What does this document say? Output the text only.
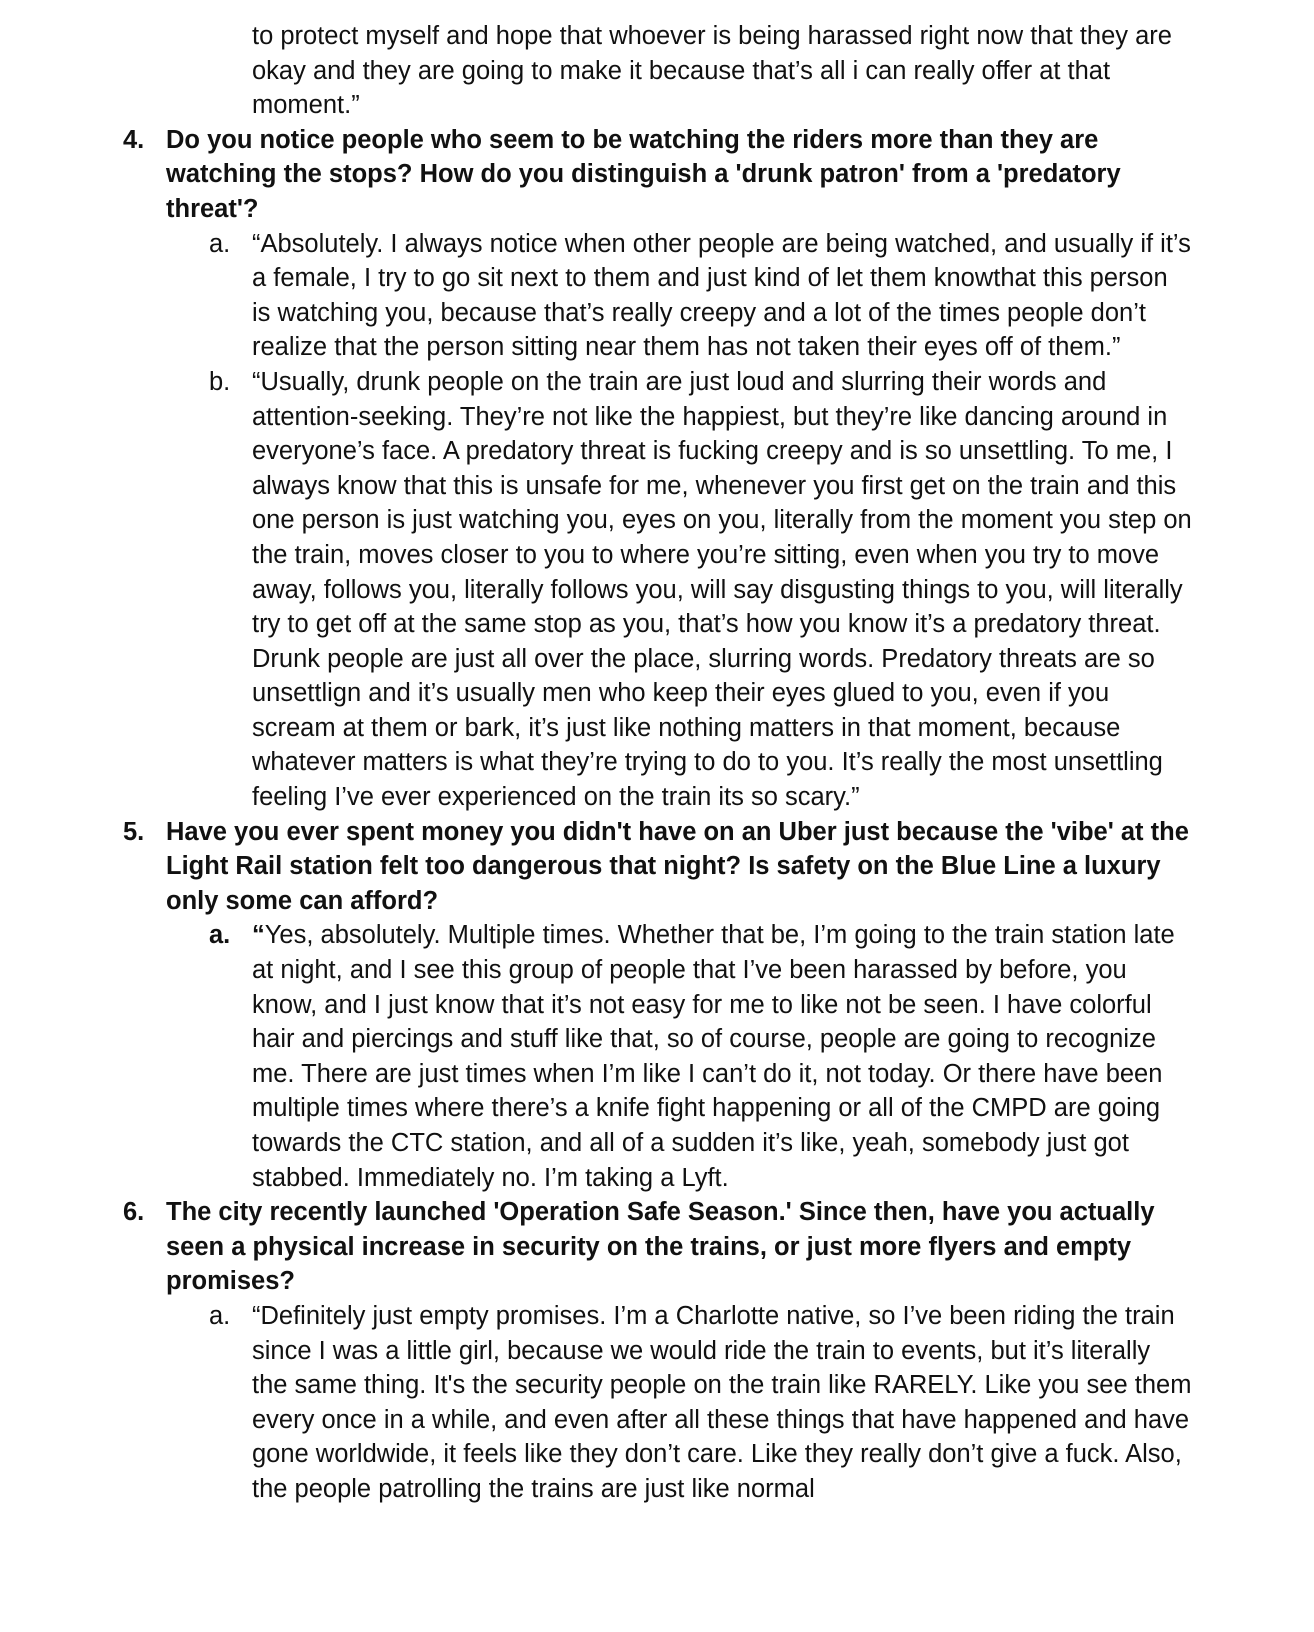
to protect myself and hope that whoever is being harassed right now that they are okay and they are going to make it because that’s all i can really offer at that moment.”
4. Do you notice people who seem to be watching the riders more than they are watching the stops? How do you distinguish a 'drunk patron' from a 'predatory threat'?
a. “Absolutely. I always notice when other people are being watched, and usually if it’s a female, I try to go sit next to them and just kind of let them knowthat this person is watching you, because that’s really creepy and a lot of the times people don’t realize that the person sitting near them has not taken their eyes off of them.”
b. “Usually, drunk people on the train are just loud and slurring their words and attention-seeking. They’re not like the happiest, but they’re like dancing around in everyone’s face. A predatory threat is fucking creepy and is so unsettling. To me, I always know that this is unsafe for me, whenever you first get on the train and this one person is just watching you, eyes on you, literally from the moment you step on the train, moves closer to you to where you’re sitting, even when you try to move away, follows you, literally follows you, will say disgusting things to you, will literally try to get off at the same stop as you, that’s how you know it’s a predatory threat. Drunk people are just all over the place, slurring words. Predatory threats are so unsettlign and it’s usually men who keep their eyes glued to you, even if you scream at them or bark, it’s just like nothing matters in that moment, because whatever matters is what they’re trying to do to you. It’s really the most unsettling feeling I’ve ever experienced on the train its so scary.”
5. Have you ever spent money you didn't have on an Uber just because the 'vibe' at the Light Rail station felt too dangerous that night? Is safety on the Blue Line a luxury only some can afford?
a. “Yes, absolutely. Multiple times. Whether that be, I’m going to the train station late at night, and I see this group of people that I’ve been harassed by before, you know, and I just know that it’s not easy for me to like not be seen. I have colorful hair and piercings and stuff like that, so of course, people are going to recognize me. There are just times when I’m like I can’t do it, not today. Or there have been multiple times where there’s a knife fight happening or all of the CMPD are going towards the CTC station, and all of a sudden it’s like, yeah, somebody just got stabbed. Immediately no. I’m taking a Lyft.
6. The city recently launched 'Operation Safe Season.' Since then, have you actually seen a physical increase in security on the trains, or just more flyers and empty promises?
a. “Definitely just empty promises. I’m a Charlotte native, so I’ve been riding the train since I was a little girl, because we would ride the train to events, but it’s literally the same thing. It's the security people on the train like RARELY. Like you see them every once in a while, and even after all these things that have happened and have gone worldwide, it feels like they don’t care. Like they really don’t give a fuck. Also, the people patrolling the trains are just like normal
